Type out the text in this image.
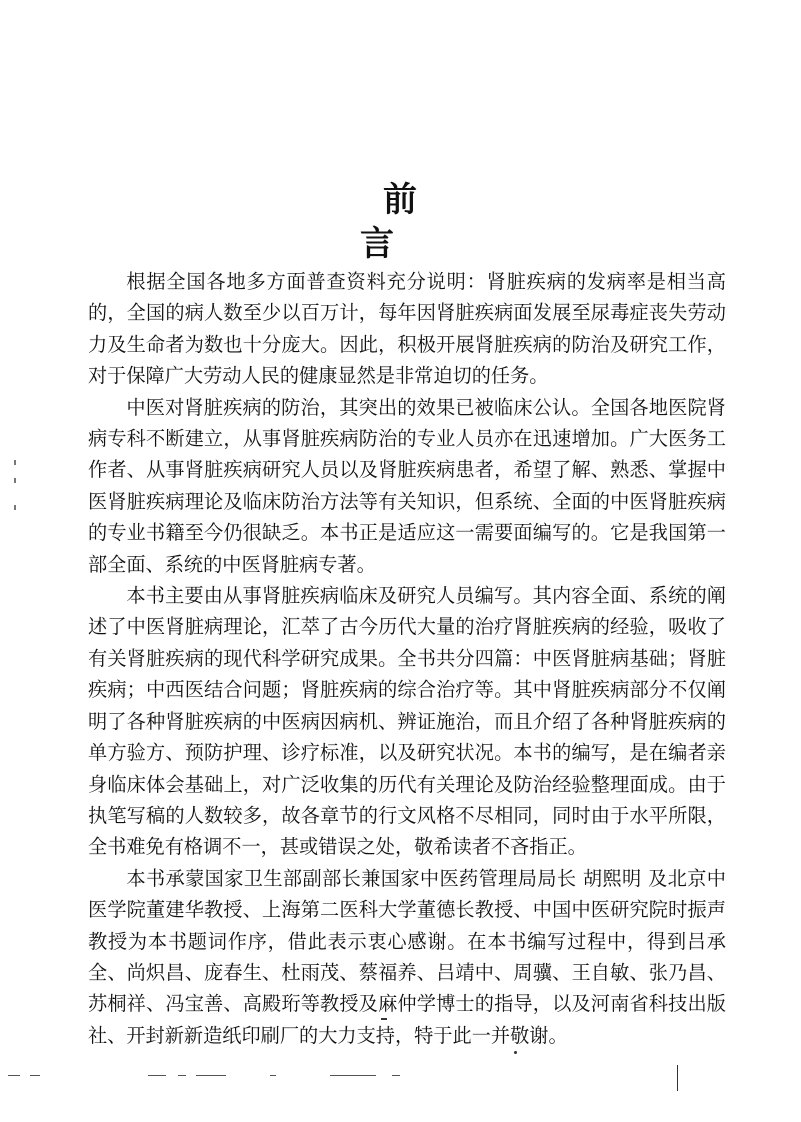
前言

根据全国各地多方面普查资料充分说明：肾脏疾病的发病率是相当高的，全国的病人数至少以百万计，每年因肾脏疾病面发展至尿毒症丧失劳动力及生命者为数也十分庞大。因此，积极开展肾脏疾病的防治及研究工作，对于保障广大劳动人民的健康显然是非常迫切的任务。

中医对肾脏疾病的防治，其突出的效果已被临床公认。全国各地医院肾病专科不断建立，从事肾脏疾病防治的专业人员亦在迅速增加。广大医务工作者、从事肾脏疾病研究人员以及肾脏疾病患者，希望了解、熟悉、掌握中医肾脏疾病理论及临床防治方法等有关知识，但系统、全面的中医肾脏疾病的专业书籍至今仍很缺乏。本书正是适应这一需要面编写的。它是我国第一部全面、系统的中医肾脏病专著。

本书主要由从事肾脏疾病临床及研究人员编写。其内容全面、系统的阐述了中医肾脏病理论，汇萃了古今历代大量的治疗肾脏疾病的经验，吸收了有关肾脏疾病的现代科学研究成果。全书共分四篇：中医肾脏病基础；肾脏疾病；中西医结合问题；肾脏疾病的综合治疗等。其中肾脏疾病部分不仅阐明了各种肾脏疾病的中医病因病机、辨证施治，而且介绍了各种肾脏疾病的单方验方、预防护理、诊疗标准，以及研究状况。本书的编写，是在编者亲身临床体会基础上，对广泛收集的历代有关理论及防治经验整理面成。由于执笔写稿的人数较多，故各章节的行文风格不尽相同，同时由于水平所限，全书难免有格调不一，甚或错误之处，敬希读者不吝指正。

本书承蒙国家卫生部副部长兼国家中医药管理局局长 胡熙明 及北京中医学院董建华教授、上海第二医科大学董德长教授、中国中医研究院时振声教授为本书题词作序，借此表示衷心感谢。在本书编写过程中，得到吕承全、尚炽昌、庞春生、杜雨茂、蔡福养、吕靖中、周骥、王自敏、张乃昌、苏桐祥、冯宝善、高殿珩等教授及麻仲学博士的指导，以及河南省科技出版社、开封新新造纸印刷厂的大力支持，特于此一并敬谢。
